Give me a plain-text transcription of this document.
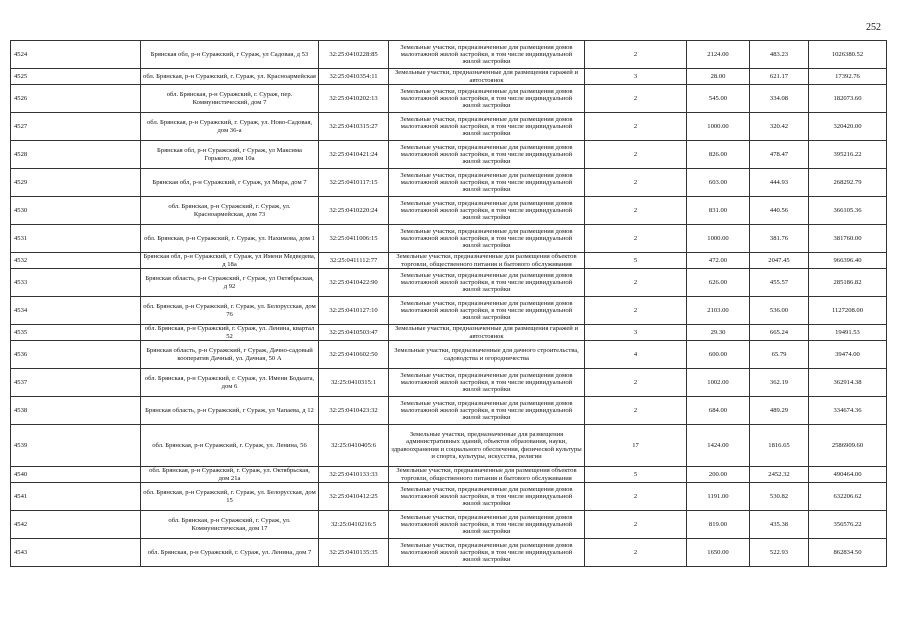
252
4524	Брянская обл, р-н Суражский, г Сураж, ул Садовая, д 53	32:25:0410228:85	Земельные участки, предназначенные для размещения домов малоэтажной жилой застройки, в том числе индивидуальной жилой застройки	2	2124.00	483.23	1026380.52
4525	обл. Брянская, р-н Суражский, г. Сураж, ул. Красноармейская	32:25:0410354:11	Земельные участки, предназначенные для размещения гаражей и автостоянок	3	28.00	621.17	17392.76
4526	обл. Брянская, р-н Суражский, г. Сураж, пер. Коммунистический, дом 7	32:25:0410202:13	Земельные участки, предназначенные для размещения домов малоэтажной жилой застройки, в том числе индивидуальной жилой застройки	2	545.00	334.08	182073.60
4527	обл. Брянская, р-н Суражский, г. Сураж, ул. Ново-Садовая, дом 36-а	32:25:0410315:27	Земельные участки, предназначенные для размещения домов малоэтажной жилой застройки, в том числе индивидуальной жилой застройки	2	1000.00	320.42	320420.00
4528	Брянская обл, р-н Суражский, г Сураж, ул Максима Горького, дом 10а	32:25:0410421:24	Земельные участки, предназначенные для размещения домов малоэтажной жилой застройки, в том числе индивидуальной жилой застройки	2	826.00	478.47	395216.22
4529	Брянская обл, р-н Суражский, г Сураж, ул Мира, дом 7	32:25:0410117:15	Земельные участки, предназначенные для размещения домов малоэтажной жилой застройки, в том числе индивидуальной жилой застройки	2	603.00	444.93	268292.79
4530	обл. Брянская, р-н Суражский, г. Сураж, ул. Красноармейская, дом 73	32:25:0410220:24	Земельные участки, предназначенные для размещения домов малоэтажной жилой застройки, в том числе индивидуальной жилой застройки	2	831.00	440.56	366105.36
4531	обл. Брянская, р-н Суражский, г. Сураж, ул. Нахимова, дом 1	32:25:0411006:15	Земельные участки, предназначенные для размещения домов малоэтажной жилой застройки, в том числе индивидуальной жилой застройки	2	1000.00	381.76	381760.00
4532	Брянская обл, р-н Суражский, г Сураж, ул Имени Медведева, д 18а	32:25:0411112:77	Земельные участки, предназначенные для размещения объектов торговли, общественного питания и бытового обслуживания	5	472.00	2047.45	966396.40
4533	Брянская область, р-н Суражский, г Сураж, ул Октябрьская, д 92	32:25:0410422:90	Земельные участки, предназначенные для размещения домов малоэтажной жилой застройки, в том числе индивидуальной жилой застройки	2	626.00	455.57	285186.82
4534	обл. Брянская, р-н Суражский, г. Сураж, ул. Белорусская, дом 76	32:25:0410127:10	Земельные участки, предназначенные для размещения домов малоэтажной жилой застройки, в том числе индивидуальной жилой застройки	2	2103.00	536.00	1127208.00
4535	обл. Брянская, р-н Суражский, г. Сураж, ул. Ленина, квартал 52	32:25:0410503:47	Земельные участки, предназначенные для размещения гаражей и автостоянок	3	29.30	665.24	19491.53
4536	Брянская область, р-н Суражский, г Сураж, Дачно-садовый кооператив Дачный, ул. Дачная, 50 А	32:25:0410602:50	Земельные участки, предназначенные для дачного строительства, садоводства и огородничества	4	600.00	65.79	39474.00
4537	обл. Брянская, р-н Суражский, г. Сураж, ул. Имени Бодыата, дом 6	32:25:0410315:1	Земельные участки, предназначенные для размещения домов малоэтажной жилой застройки, в том числе индивидуальной жилой застройки	2	1002.00	362.19	362914.38
4538	Брянская область, р-н Суражский, г Сураж, ул Чапаева, д 12	32:25:0410423:32	Земельные участки, предназначенные для размещения домов малоэтажной жилой застройки, в том числе индивидуальной жилой застройки	2	684.00	489.29	334674.36
4539	обл. Брянская, р-н Суражский, г. Сураж, ул. Ленина, 56	32:25:0410405:6	Земельные участки, предназначенные для размещения административных зданий, объектов образования, науки, здравоохранения и социального обеспечения, физической культуры и спорта, культуры, искусства, религии	17	1424.00	1816.65	2586909.60
4540	обл. Брянская, р-н Суражский, г. Сураж, ул. Октябрьская, дом 21а	32:25:0410133:33	Земельные участки, предназначенные для размещения объектов торговли, общественного питания и бытового обслуживания	5	200.00	2452.32	490464.00
4541	обл. Брянская, р-н Суражский, г. Сураж, ул. Белорусская, дом 15	32:25:0410412:25	Земельные участки, предназначенные для размещения домов малоэтажной жилой застройки, в том числе индивидуальной жилой застройки	2	1191.00	530.82	632206.62
4542	обл. Брянская, р-н Суражский, г. Сураж, ул. Коммунистическая, дом 17	32:25:0410216:5	Земельные участки, предназначенные для размещения домов малоэтажной жилой застройки, в том числе индивидуальной жилой застройки	2	819.00	435.38	356576.22
4543	обл. Брянская, р-н Суражский, г. Сураж, ул. Ленина, дом 7	32:25:0410135:35	Земельные участки, предназначенные для размещения домов малоэтажной жилой застройки, в том числе индивидуальной жилой застройки	2	1650.00	522.93	862834.50
